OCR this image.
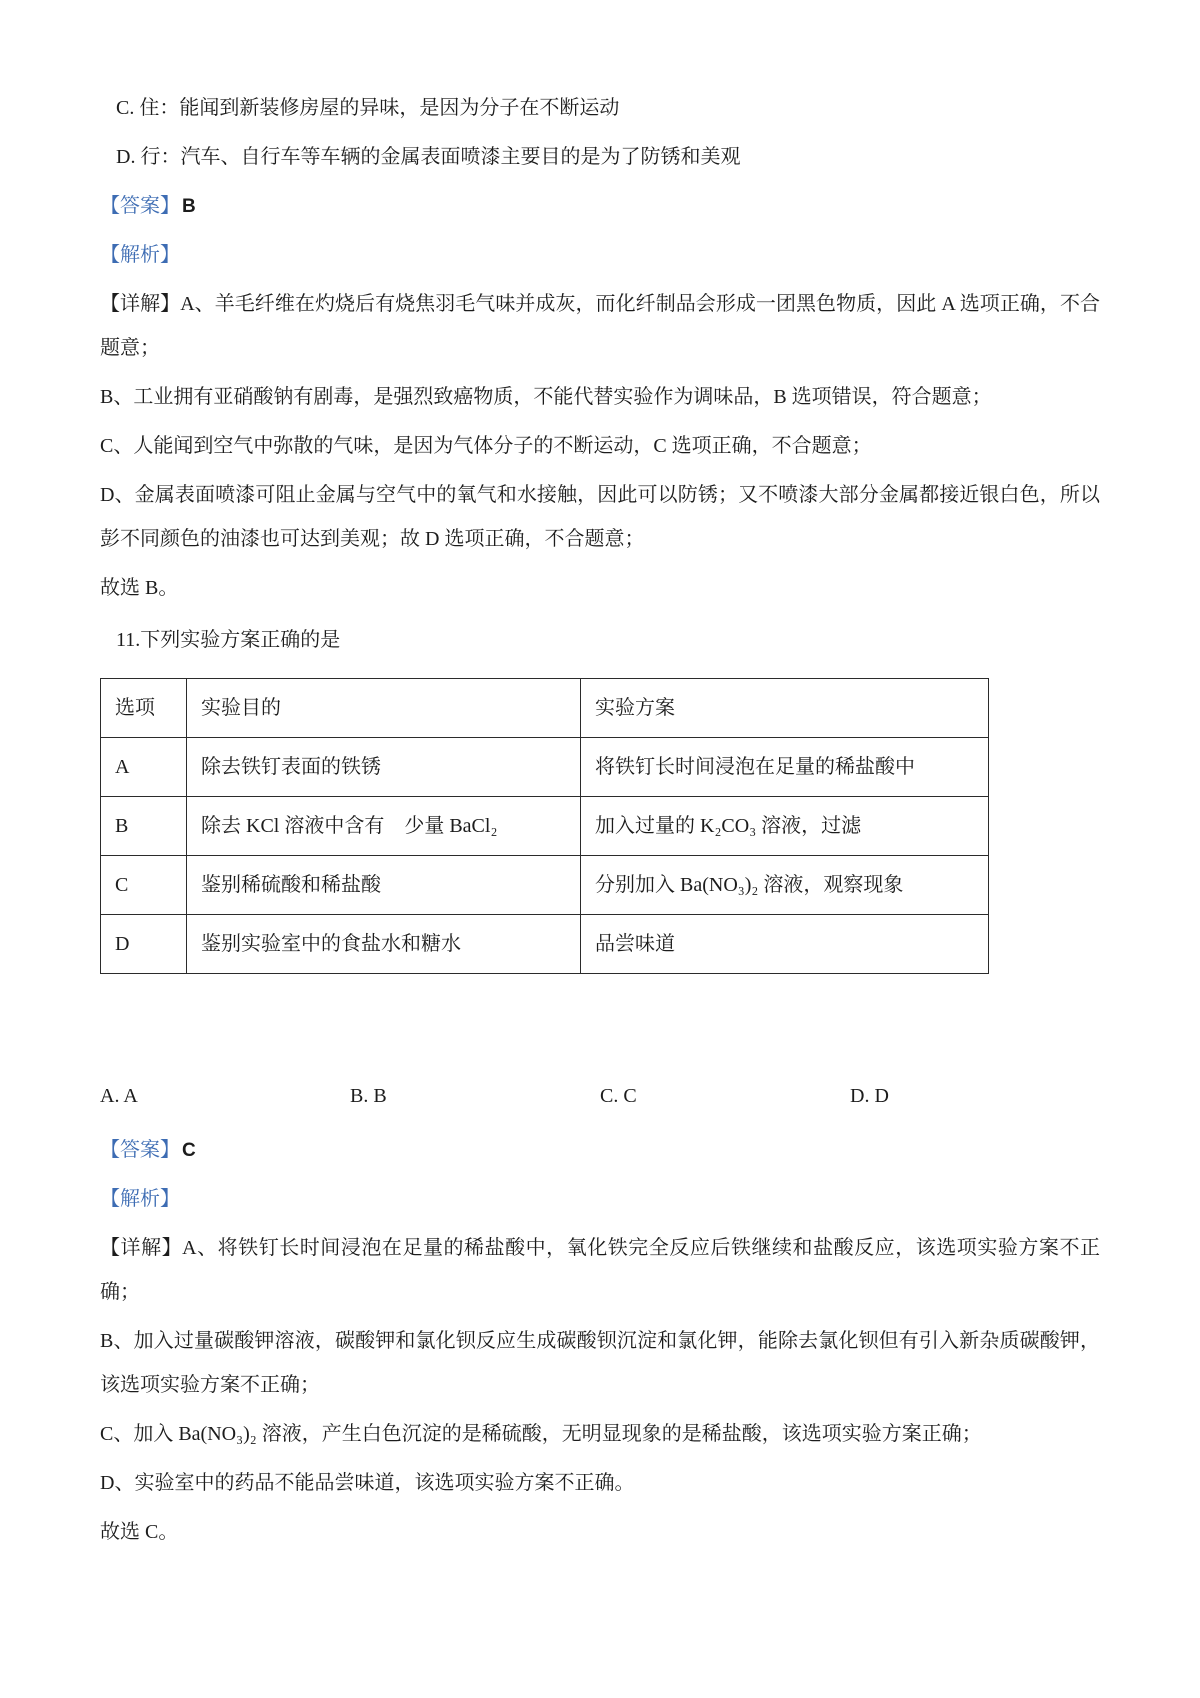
C. 住：能闻到新装修房屋的异味，是因为分子在不断运动

D. 行：汽车、自行车等车辆的金属表面喷漆主要目的是为了防锈和美观

【答案】 B

【解析】

【详解】A、羊毛纤维在灼烧后有烧焦羽毛气味并成灰，而化纤制品会形成一团黑色物质，因此 A 选项正确，不合题意；

B、工业拥有亚硝酸钠有剧毒，是强烈致癌物质，不能代替实验作为调味品，B 选项错误，符合题意；

C、人能闻到空气中弥散的气味，是因为气体分子的不断运动，C 选项正确，不合题意；

D、金属表面喷漆可阻止金属与空气中的氧气和水接触，因此可以防锈；又不喷漆大部分金属都接近银白色，所以彭不同颜色的油漆也可达到美观；故 D 选项正确，不合题意；

故选 B。

11.下列实验方案正确的是

选项	实验目的	实验方案
A	除去铁钉表面的铁锈	将铁钉长时间浸泡在足量的稀盐酸中
B	除去 KCl 溶液中含有　少量 BaCl₂	加入过量的 K₂CO₃ 溶液，过滤
C	鉴别稀硫酸和稀盐酸	分别加入 Ba(NO₃)₂ 溶液，观察现象
D	鉴别实验室中的食盐水和糖水	品尝味道
A. A	B. B	C. C	D. D

【答案】 C

【解析】

【详解】A、将铁钉长时间浸泡在足量的稀盐酸中，氧化铁完全反应后铁继续和盐酸反应，该选项实验方案不正确；

B、加入过量碳酸钾溶液，碳酸钾和氯化钡反应生成碳酸钡沉淀和氯化钾，能除去氯化钡但有引入新杂质碳酸钾，该选项实验方案不正确；

C、加入 Ba(NO₃)₂ 溶液，产生白色沉淀的是稀硫酸，无明显现象的是稀盐酸，该选项实验方案正确；

D、实验室中的药品不能品尝味道，该选项实验方案不正确。

故选 C。
